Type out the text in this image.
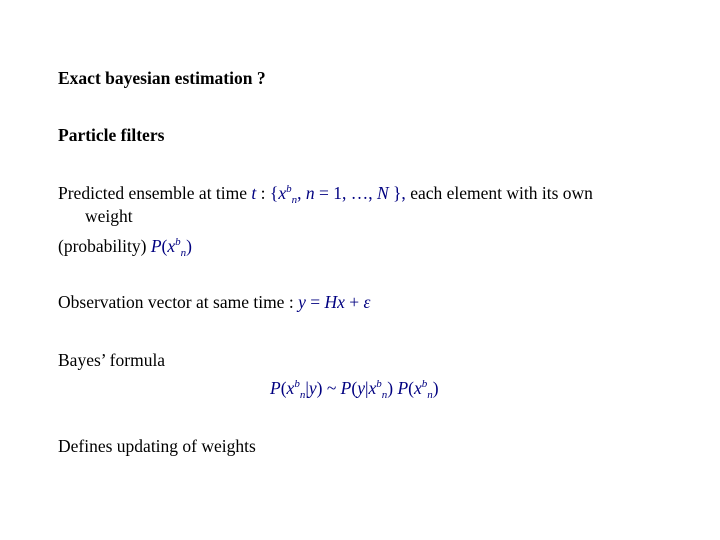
Exact bayesian estimation ?
Particle filters
Predicted ensemble at time t : {$x^b_n$, n = 1, …, N }, each element with its own
weight
(probability) $P(x^b_n)$
Observation vector at same time : y = Hx + ε
Bayes’ formula
$P(x^b_n|y)$ ~ $P(y|x^b_n)$ $P(x^b_n)$
Defines updating of weights
